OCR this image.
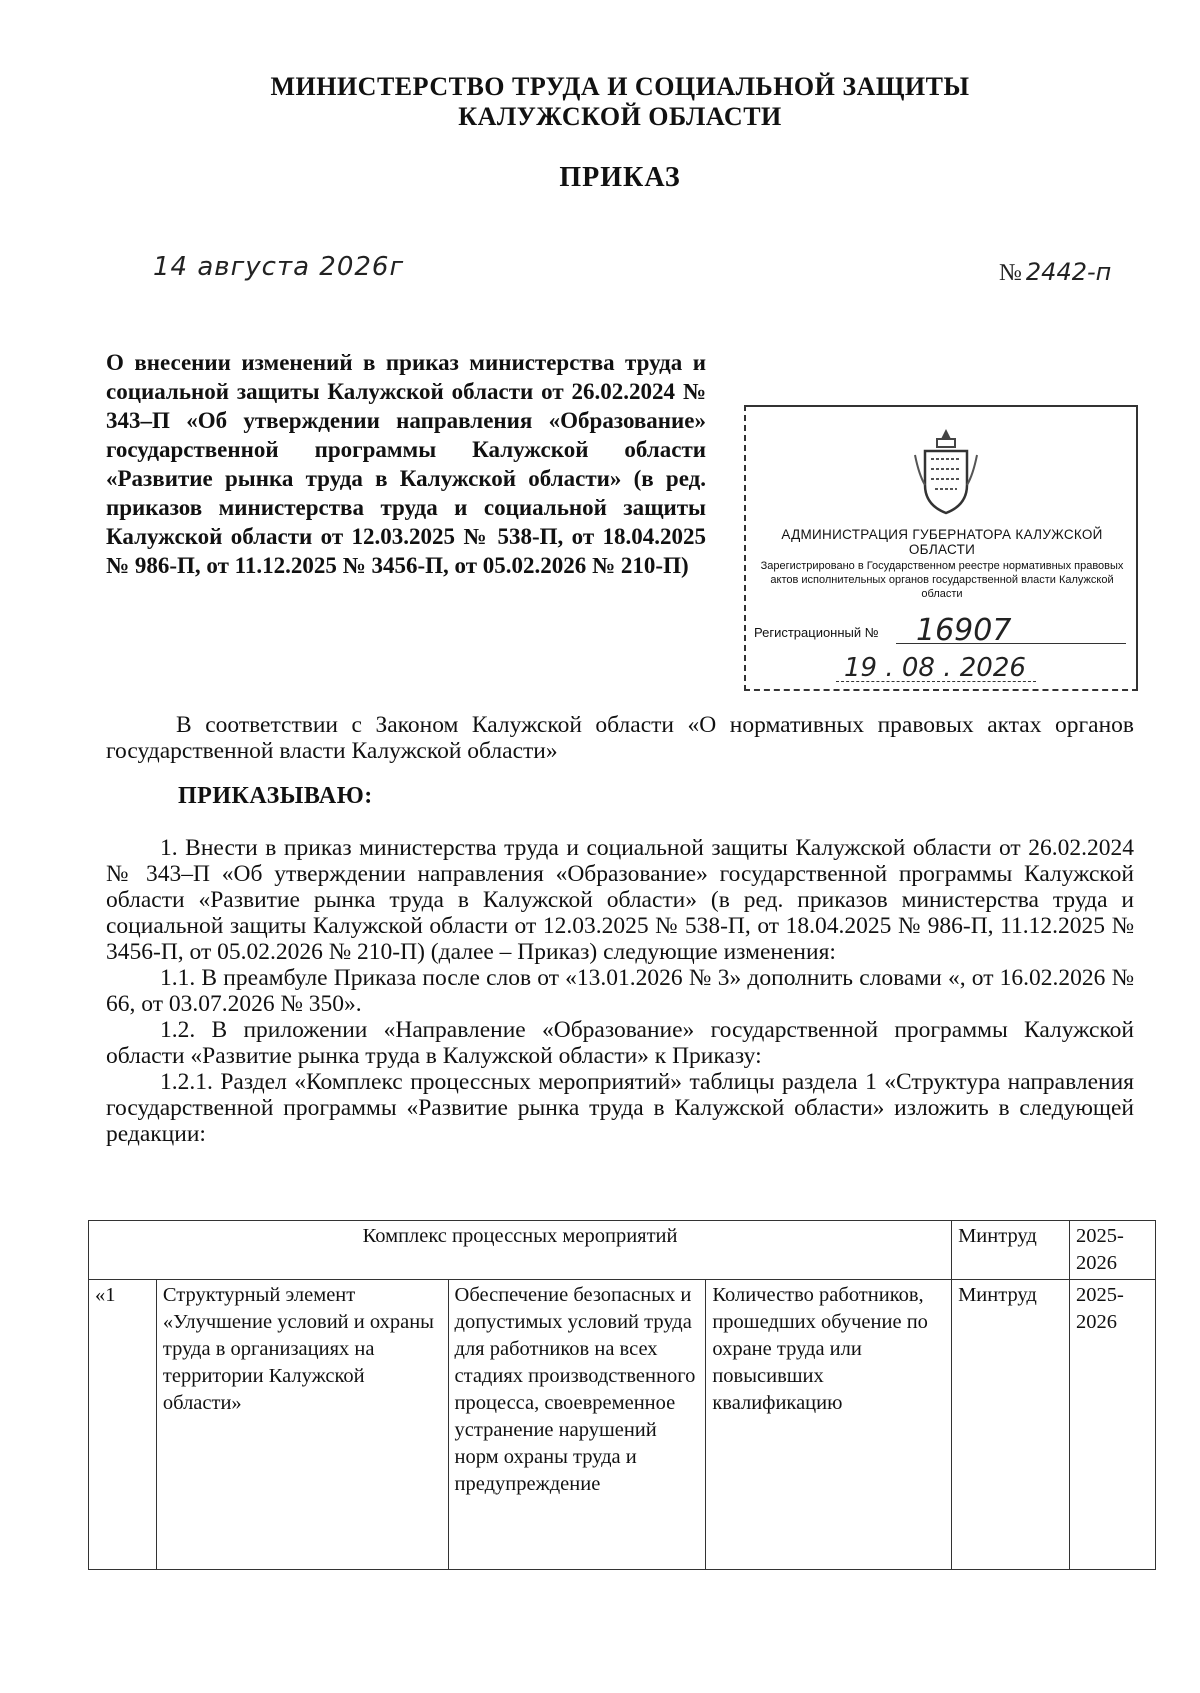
МИНИСТЕРСТВО ТРУДА И СОЦИАЛЬНОЙ ЗАЩИТЫ
КАЛУЖСКОЙ ОБЛАСТИ
ПРИКАЗ
14 августа 2026г	№ 2442-п
О внесении изменений в приказ министерства труда и социальной защиты Калужской области от 26.02.2024 № 343–П «Об утверждении направления «Образование» государственной программы Калужской области «Развитие рынка труда в Калужской области» (в ред. приказов министерства труда и социальной защиты Калужской области от 12.03.2025 № 538-П, от 18.04.2025 № 986-П, от 11.12.2025 № 3456-П, от 05.02.2026 № 210-П)
АДМИНИСТРАЦИЯ ГУБЕРНАТОРА КАЛУЖСКОЙ ОБЛАСТИ
Зарегистрировано в Государственном реестре нормативных правовых актов исполнительных органов государственной власти Калужской области
Регистрационный № 16907
19 . 08 . 2026
В соответствии с Законом Калужской области «О нормативных правовых актах органов государственной власти Калужской области»
ПРИКАЗЫВАЮ:

1. Внести в приказ министерства труда и социальной защиты Калужской области от 26.02.2024 № 343–П «Об утверждении направления «Образование» государственной программы Калужской области «Развитие рынка труда в Калужской области» (в ред. приказов министерства труда и социальной защиты Калужской области от 12.03.2025 № 538-П, от 18.04.2025 № 986-П, 11.12.2025 № 3456-П, от 05.02.2026 № 210-П) (далее – Приказ) следующие изменения:

1.1. В преамбуле Приказа после слов от «13.01.2026 № 3» дополнить словами «, от 16.02.2026 № 66, от 03.07.2026 № 350».

1.2. В приложении «Направление «Образование» государственной программы Калужской области «Развитие рынка труда в Калужской области» к Приказу:

1.2.1. Раздел «Комплекс процессных мероприятий» таблицы раздела 1 «Структура направления государственной программы «Развитие рынка труда в Калужской области» изложить в следующей редакции:

Комплекс процессных мероприятий				Минтруд	2025-2026
«1	Структурный элемент «Улучшение условий и охраны труда в организациях на территории Калужской области»	Обеспечение безопасных и допустимых условий труда для работников на всех стадиях производственного процесса, своевременное устранение нарушений норм охраны труда и предупреждение	Количество работников, прошедших обучение по охране труда или повысивших квалификацию	Минтруд	2025-2026
